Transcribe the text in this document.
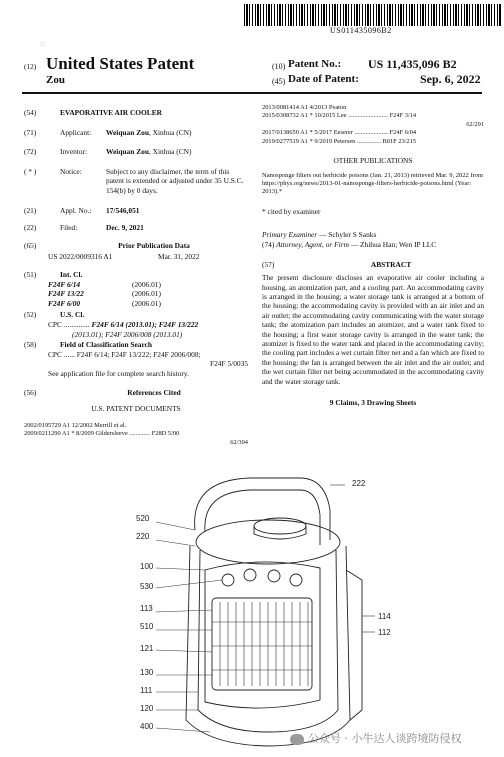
US011435096B2
(12) United States Patent
Zou
(10) Patent No.: US 11,435,096 B2
(45) Date of Patent:	Sep. 6, 2022
(54)	EVAPORATIVE AIR COOLER
(71)	Applicant:	Weiquan Zou, Xinhua (CN)
(72)	Inventor:	Weiquan Zou, Xinhua (CN)
( * )	Notice:	Subject to any disclaimer, the term of this patent is extended or adjusted under 35 U.S.C. 154(b) by 0 days.
(21)	Appl. No.:	17/546,051
(22)	Filed:	Dec. 9, 2021
(65)	Prior Publication Data
US 2022/0009316 A1	Mar. 31, 2022
(51)	Int. Cl.
F24F 6/14	(2006.01)
F24F 13/22	(2006.01)
F24F 6/00	(2006.01)
(52)	U.S. Cl.
CPC .............. F24F 6/14 (2013.01); F24F 13/222
(2013.01); F24F 2006/008 (2013.01)
(58)	Field of Classification Search
CPC ...... F24F 6/14; F24F 13/222; F24F 2006/008;
F24F 5/0035
See application file for complete search history.
(56)	References Cited
U.S. PATENT DOCUMENTS
2002/0195729 A1 12/2002 Merrill et al.
2009/0211290 A1 * 8/2009 Gildersleeve ............. F28D 5/00
62/304
2013/0081414 A1 4/2013 Peaton
2015/0308732 A1 * 10/2015 Lee ......................... F24F 3/14
62/291
2017/0138650 A1 * 5/2017 Eeserer ..................... F24F 6/04
2019/0277519 A1 * 9/2019 Petersen ............... B01F 23/215
OTHER PUBLICATIONS
Nanosponge filters out herbicide poisons (Jan. 21, 2013) retrieved Mar. 9, 2022 from https://phys.org/news/2013-01-nanosponge-filters-herbicide-poisons.html (Year: 2013).*
* cited by examiner
Primary Examiner — Schyler S Sanks
(74) Attorney, Agent, or Firm — Zhihua Han; Wen IP LLC
(57)	ABSTRACT
The present disclosure discloses an evaporative air cooler including a housing, an atomization part, and a cooling part. An accommodating cavity is arranged in the housing; a water storage tank is arranged at a bottom of the housing; the accommodating cavity is provided with an air inlet and an air outlet; the accommodating cavity communicating with the water storage tank; the atomization part includes an atomizer, and a water tank fixed to the housing; a first water storage cavity is arranged in the water tank; the atomizer is fixed to the water tank and placed in the accommodating cavity; the cooling part includes a wet curtain filter net and a fan which are fixed to the housing; the fan is arranged between the air inlet and the air outlet; and the wet curtain filter net being accommodated in the accommodating cavity and the water storage tank.
9 Claims, 3 Drawing Sheets
222
520
220
100
530
113
510
121
130
111
120
400
114
112
◇
公众号 · 小牛达人谈跨境防侵权
